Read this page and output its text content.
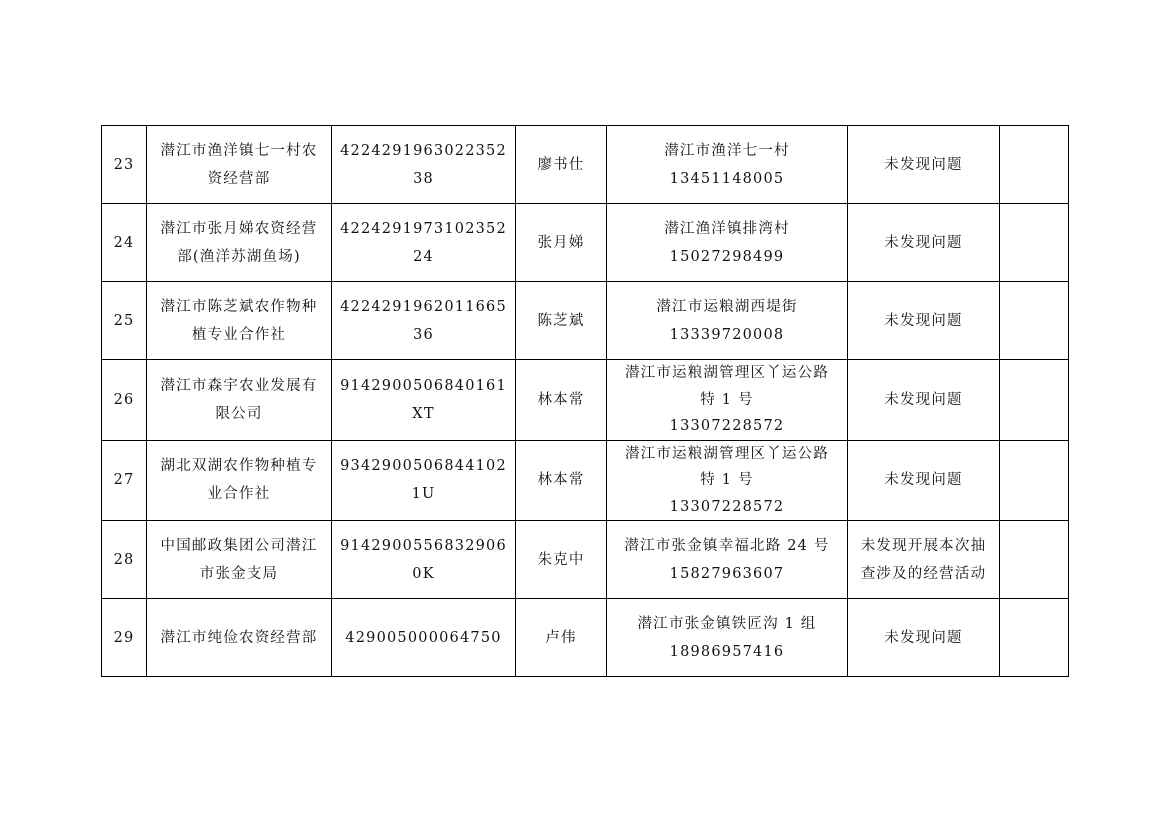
23	潜江市渔洋镇七一村农资经营部	422429196302235238	廖书仕	潜江市渔洋七一村
13451148005	未发现问题	
24	潜江市张月娣农资经营部(渔洋苏湖鱼场)	422429197310235224	张月娣	潜江渔洋镇排湾村
15027298499	未发现问题	
25	潜江市陈芝斌农作物种植专业合作社	422429196201166536	陈芝斌	潜江市运粮湖西堤街
13339720008	未发现问题	
26	潜江市森宇农业发展有限公司	9142900506840161XT	林本常	潜江市运粮湖管理区丫运公路
特 1 号
13307228572	未发现问题	
27	湖北双湖农作物种植专业合作社	93429005068441021U	林本常	潜江市运粮湖管理区丫运公路
特 1 号
13307228572	未发现问题	
28	中国邮政集团公司潜江市张金支局	91429005568329060K	朱克中	潜江市张金镇幸福北路 24 号
15827963607	未发现开展本次抽查涉及的经营活动	
29	潜江市纯俭农资经营部	429005000064750	卢伟	潜江市张金镇铁匠沟 1 组
18986957416	未发现问题	
